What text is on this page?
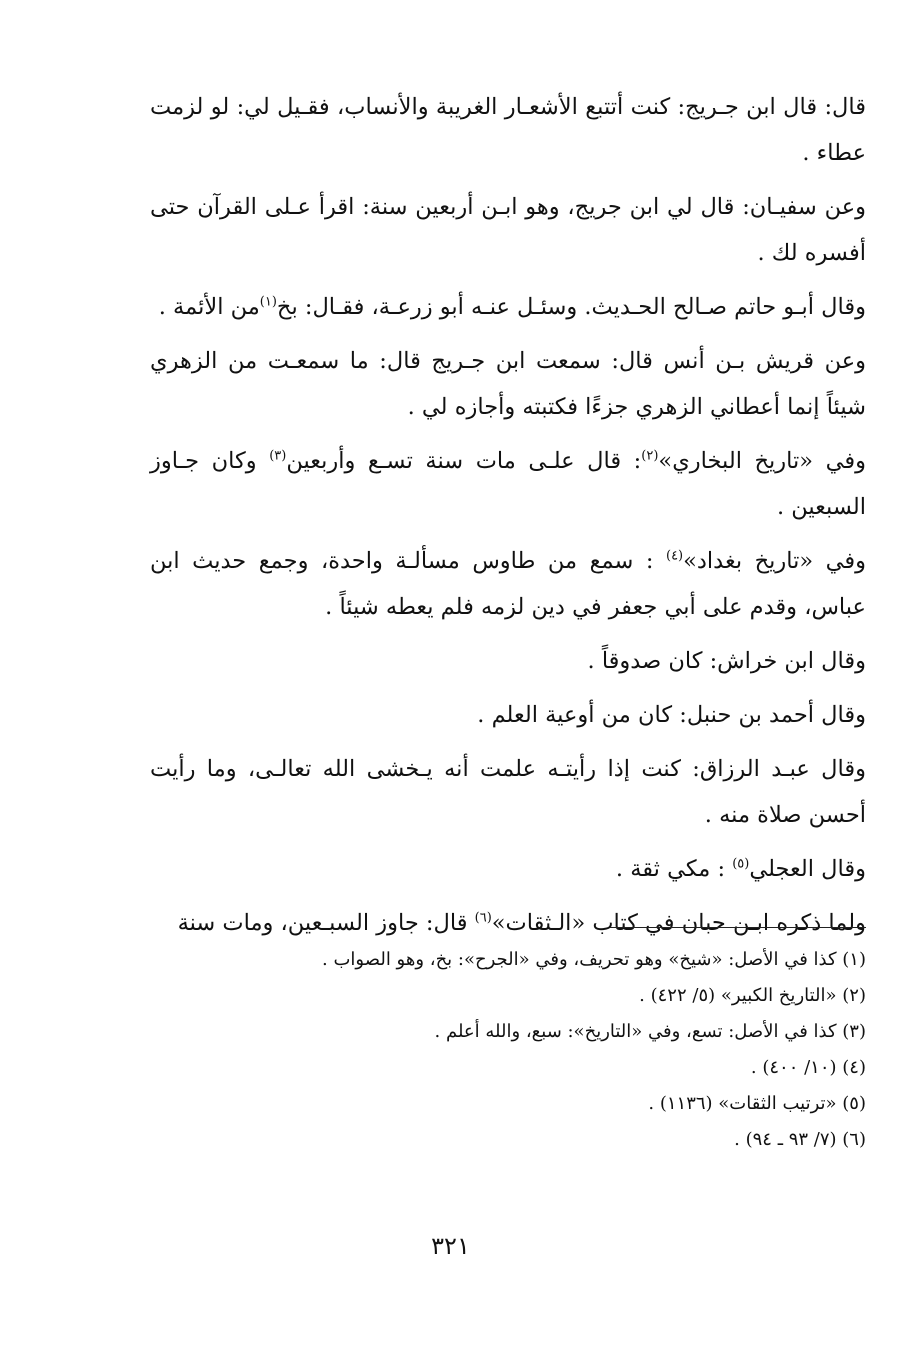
قال: قال ابن جـريج: كنت أتتبع الأشعـار الغريبة والأنساب، فقـيل لي: لو لزمت عطاء .

وعن سفيـان: قال لي ابن جريج، وهو ابـن أربعين سنة: اقرأ عـلى القرآن حتى أفسره لك .

وقال أبـو حاتم صـالح الحـديث. وسئـل عنـه أبو زرعـة، فقـال: بخ$^{(١)}$من الأئمة .

وعن قريش بـن أنس قال: سمعت ابن جـريج قال: ما سمعـت من الزهري شيئاً إنما أعطاني الزهري جزءًا فكتبته وأجازه لي .

وفي «تاريخ البخاري»$^{(٢)}$: قال علـى مات سنة تسـع وأربعين$^{(٣)}$ وكان جـاوز السبعين .

وفي «تاريخ بغداد»$^{(٤)}$ : سمع من طاوس مسألـة واحدة، وجمع حديث ابن عباس، وقدم على أبي جعفر في دين لزمه فلم يعطه شيئاً .

وقال ابن خراش: كان صدوقاً .

وقال أحمد بن حنبل: كان من أوعية العلم .

وقال عبـد الرزاق: كنت إذا رأيتـه علمت أنه يـخشى الله تعالـى، وما رأيت أحسن صلاة منه .

وقال العجلي$^{(٥)}$ : مكي ثقة .

ولما ذكره ابـن حبان في كتاب «الـثقات»$^{(٦)}$ قال: جاوز السبـعين، ومات سنة

(١) كذا في الأصل: «شيخ» وهو تحريف، وفي «الجرح»: بخ، وهو الصواب .

(٢) «التاريخ الكبير» (٥/ ٤٢٢) .

(٣) كذا في الأصل: تسع، وفي «التاريخ»: سبع، والله أعلم .

(٤) (١٠/ ٤٠٠) .

(٥) «ترتيب الثقات» (١١٣٦) .

(٦) (٧/ ٩٣ ـ ٩٤) .

٣٢١
